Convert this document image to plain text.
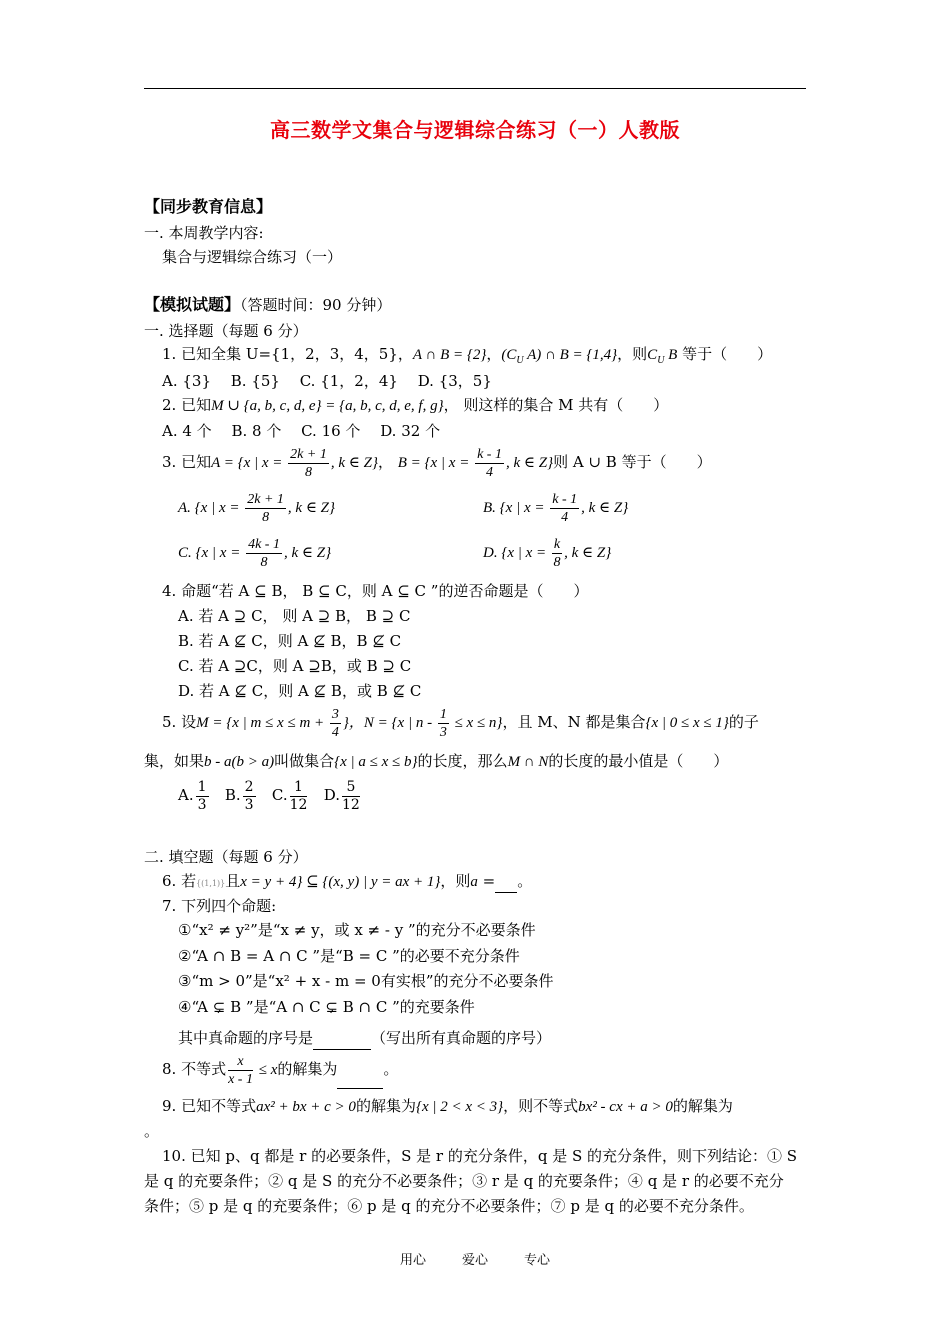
高三数学文集合与逻辑综合练习（一）人教版
【同步教育信息】
一. 本周教学内容:
集合与逻辑综合练习（一）
【模拟试题】（答题时间：90 分钟）
一. 选择题（每题 6 分）
1. 已知全集 U={1，2，3，4，5}，A ∩ B = {2}，($C_U$ A) ∩ B = {1,4}，则$C_U$ B 等于（　　）
A. {3}　 B. {5}　 C. {1，2，4}　 D. {3，5}
2. 已知M ∪ {a, b, c, d, e} = {a, b, c, d, e, f, g}， 则这样的集合 M 共有（　　）
A. 4 个　 B. 8 个　 C. 16 个　 D. 32 个
3. 已知A = {x | $x = \frac{2k + 1}{8}$ , k ∈ Z}， B = {x | $x = \frac{k - 1}{4}$ , k ∈ Z}则 A ∪ B 等于（　　）
A. {x | $x = \frac{2k + 1}{8}$ , k ∈ Z}	B. {x | $x = \frac{k - 1}{4}$ , k ∈ Z}
C. {x | $x = \frac{4k - 1}{8}$ , k ∈ Z}	D. {x | $x = \frac{k}{8}$ , k ∈ Z}
4. 命题“若 A ⊆ B， B ⊆ C，则 A ⊆ C ”的逆否命题是（　　）
A. 若 A ⊇ C， 则 A ⊇ B， B ⊇ C
B. 若 A ⊈ C，则 A ⊈ B，B ⊈ C
C. 若 A ⊇C，则 A ⊇B，或 B ⊇ C
D. 若 A ⊈ C，则 A ⊈ B，或 B ⊈ C
5. 设M = {x | $m \le x \le m + \frac{3}{4}$ }，N = {x | $n - \frac{1}{3} \le x \le n$}，且 M、N 都是集合{x | 0 ≤ x ≤ 1}的子
集，如果b - a(b > a)叫做集合{x | a ≤ x ≤ b}的长度，那么M ∩ N的长度的最小值是（　　）
A. $\frac{1}{3} B$. $\frac{2}{3} C$. $\frac{1}{12} D$. $\frac{5}{12}$
二. 填空题（每题 6 分）
6. 若{(1,1)}且x = y + 4} ⊆ {(x, y) | y = ax + 1}，则a = 。
7. 下列四个命题:
①“x² ≠ y²”是“x ≠ y，或 x ≠ - y ”的充分不必要条件
②“A ∩ B = A ∩ C ”是“B = C ”的必要不充分条件
③“m > 0”是“x² + x - m = 0有实根”的充分不必要条件
④“A ⊊ B ”是“A ∩ C ⊊ B ∩ C ”的充要条件
其中真命题的序号是	（写出所有真命题的序号）
8. 不等式 $\frac{x}{x - 1} \le x$的解集为	。
9. 已知不等式ax² + bx + c > 0的解集为{x | 2 < x < 3}，则不等式bx² - cx + a > 0的解集为
。
10. 已知 p、q 都是 r 的必要条件，S 是 r 的充分条件，q 是 S 的充分条件，则下列结论：① S
是 q 的充要条件；② q 是 S 的充分不必要条件；③ r 是 q 的充要条件；④ q 是 r 的必要不充分
条件；⑤ p 是 q 的充要条件；⑥ p 是 q 的充分不必要条件；⑦ p 是 q 的必要不充分条件。
用心	爱心	专心
